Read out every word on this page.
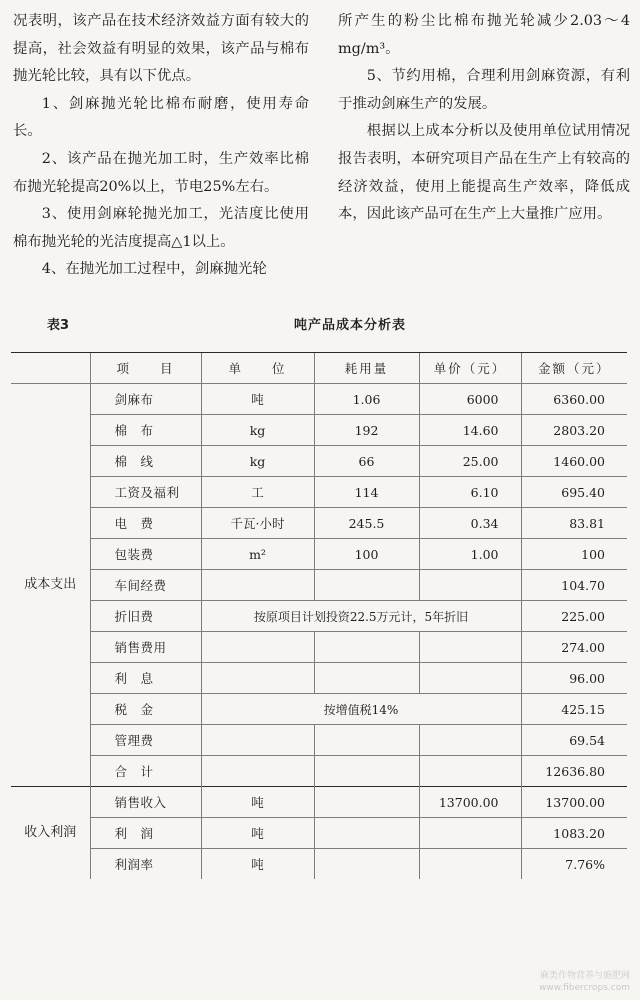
况表明，该产品在技术经济效益方面有较大的提高，社会效益有明显的效果，该产品与棉布抛光轮比较，具有以下优点。

1、剑麻抛光轮比棉布耐磨，使用寿命长。

2、该产品在抛光加工时，生产效率比棉布抛光轮提高20%以上，节电25%左右。

3、使用剑麻轮抛光加工，光洁度比使用棉布抛光轮的光洁度提高△1以上。

4、在抛光加工过程中，剑麻抛光轮

所产生的粉尘比棉布抛光轮减少2.03～4 mg/m³。

5、节约用棉，合理利用剑麻资源，有利于推动剑麻生产的发展。

根据以上成本分析以及使用单位试用情况报告表明，本研究项目产品在生产上有较高的经济效益，使用上能提高生产效率，降低成本，因此该产品可在生产上大量推广应用。

表3	吨产品成本分析表
	项　　目	单　　位	耗用量	单价（元）	金额（元）
成本支出	剑麻布	吨	1.06	6000	6360.00
	棉　布	kg	192	14.60	2803.20
	棉　线	kg	66	25.00	1460.00
	工资及福利	工	114	6.10	695.40
	电　费	千瓦·小时	245.5	0.34	83.81
	包装费	m²	100	1.00	100
	车间经费				104.70
	折旧费	按原项目计划投资22.5万元计，5年折旧			225.00
	销售费用				274.00
	利　息				96.00
	税　金	按增值税14%			425.15
	管理费				69.54
	合　计				12636.80
收入利润	销售收入	吨		13700.00	13700.00
	利　润	吨			1083.20
	利润率	吨			7.76%
麻类作物营养与施肥网
www.fibercrops.com
